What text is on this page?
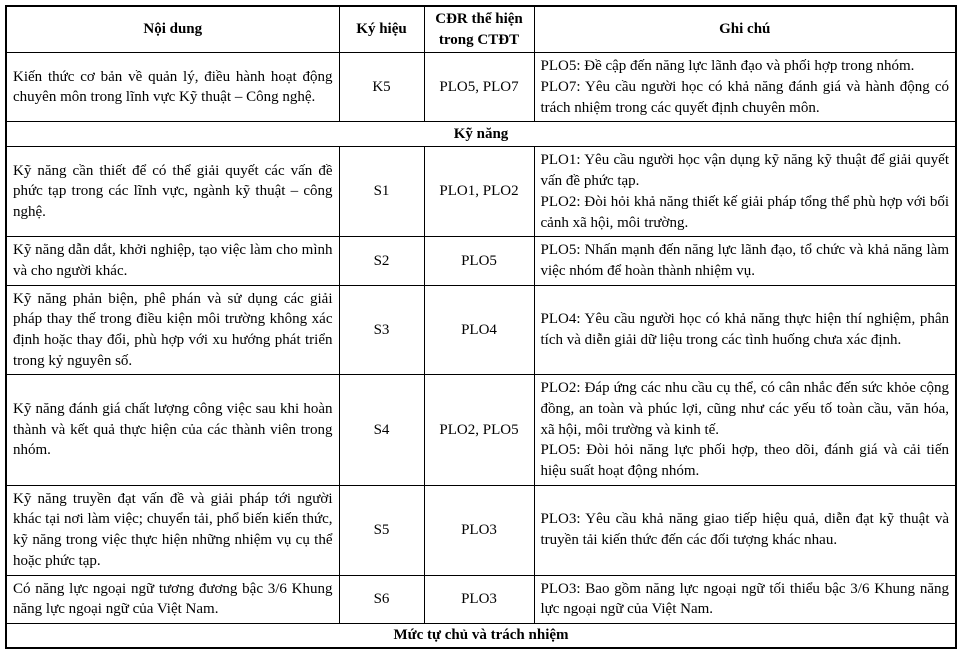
Nội dung	Ký hiệu	CĐR thể hiện trong CTĐT	Ghi chú
Kiến thức cơ bản về quản lý, điều hành hoạt động chuyên môn trong lĩnh vực Kỹ thuật – Công nghệ.	K5	PLO5, PLO7	PLO5: Đề cập đến năng lực lãnh đạo và phối hợp trong nhóm.
PLO7: Yêu cầu người học có khả năng đánh giá và hành động có trách nhiệm trong các quyết định chuyên môn.

Kỹ năng			
Kỹ năng cần thiết để có thể giải quyết các vấn đề phức tạp trong các lĩnh vực, ngành kỹ thuật – công nghệ.	S1	PLO1, PLO2	PLO1: Yêu cầu người học vận dụng kỹ năng kỹ thuật để giải quyết vấn đề phức tạp.
PLO2: Đòi hỏi khả năng thiết kế giải pháp tổng thể phù hợp với bối cảnh xã hội, môi trường.

Kỹ năng dẫn dắt, khởi nghiệp, tạo việc làm cho mình và cho người khác.	S2	PLO5	PLO5: Nhấn mạnh đến năng lực lãnh đạo, tổ chức và khả năng làm việc nhóm để hoàn thành nhiệm vụ.

Kỹ năng phản biện, phê phán và sử dụng các giải pháp thay thế trong điều kiện môi trường không xác định hoặc thay đổi, phù hợp với xu hướng phát triển trong kỷ nguyên số.	S3	PLO4	PLO4: Yêu cầu người học có khả năng thực hiện thí nghiệm, phân tích và diễn giải dữ liệu trong các tình huống chưa xác định.

Kỹ năng đánh giá chất lượng công việc sau khi hoàn thành và kết quả thực hiện của các thành viên trong nhóm.	S4	PLO2, PLO5	PLO2: Đáp ứng các nhu cầu cụ thể, có cân nhắc đến sức khỏe cộng đồng, an toàn và phúc lợi, cũng như các yếu tố toàn cầu, văn hóa, xã hội, môi trường và kinh tế.
PLO5: Đòi hỏi năng lực phối hợp, theo dõi, đánh giá và cải tiến hiệu suất hoạt động nhóm.

Kỹ năng truyền đạt vấn đề và giải pháp tới người khác tại nơi làm việc; chuyển tải, phổ biến kiến thức, kỹ năng trong việc thực hiện những nhiệm vụ cụ thể hoặc phức tạp.	S5	PLO3	PLO3: Yêu cầu khả năng giao tiếp hiệu quả, diễn đạt kỹ thuật và truyền tải kiến thức đến các đối tượng khác nhau.

Có năng lực ngoại ngữ tương đương bậc 3/6 Khung năng lực ngoại ngữ của Việt Nam.	S6	PLO3	PLO3: Bao gồm năng lực ngoại ngữ tối thiểu bậc 3/6 Khung năng lực ngoại ngữ của Việt Nam.

Mức tự chủ và trách nhiệm			
